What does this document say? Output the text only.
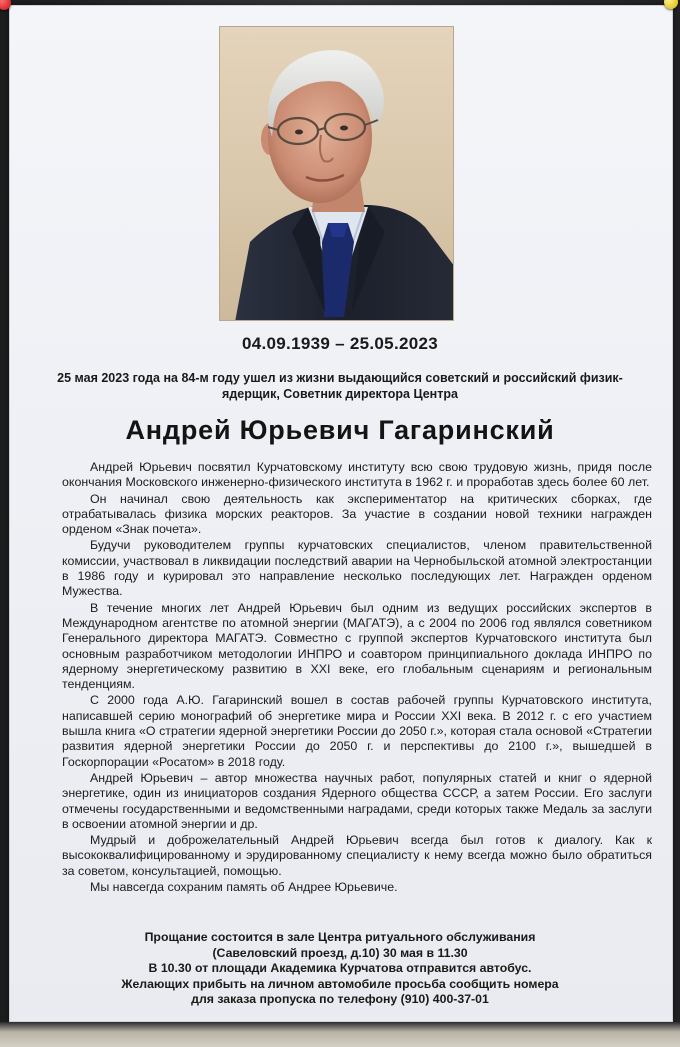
04.09.1939 – 25.05.2023
25 мая 2023 года на 84-м году ушел из жизни выдающийся советский и российский физик-ядерщик, Советник директора Центра
Андрей Юрьевич Гагаринский

Андрей Юрьевич посвятил Курчатовскому институту всю свою трудовую жизнь, придя после окончания Московского инженерно-физического института в 1962 г. и проработав здесь более 60 лет.

Он начинал свою деятельность как экспериментатор на критических сборках, где отрабатывалась физика морских реакторов. За участие в создании новой техники награжден орденом «Знак почета».

Будучи руководителем группы курчатовских специалистов, членом правительственной комиссии, участвовал в ликвидации последствий аварии на Чернобыльской атомной электростанции в 1986 году и курировал это направление несколько последующих лет. Награжден орденом Мужества.

В течение многих лет Андрей Юрьевич был одним из ведущих российских экспертов в Международном агентстве по атомной энергии (МАГАТЭ), а с 2004 по 2006 год являлся советником Генерального директора МАГАТЭ. Совместно с группой экспертов Курчатовского института был основным разработчиком методологии ИНПРО и соавтором принципиального доклада ИНПРО по ядерному энергетическому развитию в XXI веке, его глобальным сценариям и региональным тенденциям.

С 2000 года А.Ю. Гагаринский вошел в состав рабочей группы Курчатовского института, написавшей серию монографий об энергетике мира и России XXI века. В 2012 г. с его участием вышла книга «О стратегии ядерной энергетики России до 2050 г.», которая стала основой «Стратегии развития ядерной энергетики России до 2050 г. и перспективы до 2100 г.», вышедшей в Госкорпорации «Росатом» в 2018 году.

Андрей Юрьевич – автор множества научных работ, популярных статей и книг о ядерной энергетике, один из инициаторов создания Ядерного общества СССР, а затем России. Его заслуги отмечены государственными и ведомственными наградами, среди которых также Медаль за заслуги в освоении атомной энергии и др.

Мудрый и доброжелательный Андрей Юрьевич всегда был готов к диалогу. Как к высококвалифицированному и эрудированному специалисту к нему всегда можно было обратиться за советом, консультацией, помощью.

Мы навсегда сохраним память об Андрее Юрьевиче.

Прощание состоится в зале Центра ритуального обслуживания

(Савеловский проезд, д.10) 30 мая в 11.30

В 10.30 от площади Академика Курчатова отправится автобус.

Желающих прибыть на личном автомобиле просьба сообщить номера

для заказа пропуска по телефону (910) 400-37-01
